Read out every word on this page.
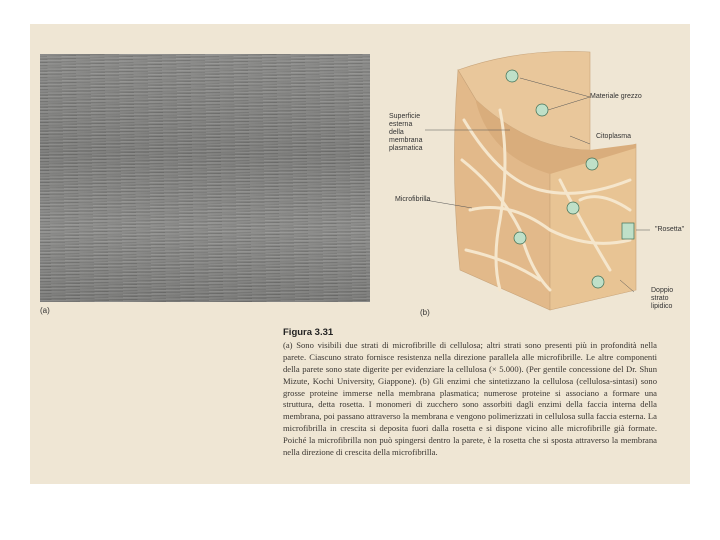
(a)
Materiale grezzo
Citoplasma
Superficie esterna della membrana plasmatica
Microfibrilla
"Rosetta"
Doppio strato lipidico
(b)
Figura 3.31
(a) Sono visibili due strati di microfibrille di cellulosa; altri strati sono presenti più in profondità nella parete. Ciascuno strato fornisce resistenza nella direzione parallela alle microfibrille. Le altre componenti della parete sono state digerite per evidenziare la cellulosa (× 5.000). (Per gentile concessione del Dr. Shun Mizute, Kochi University, Giappone). (b) Gli enzimi che sintetizzano la cellulosa (cellulosa-sintasi) sono grosse proteine immerse nella membrana plasmatica; numerose proteine si associano a formare una struttura, detta rosetta. I monomeri di zucchero sono assorbiti dagli enzimi della faccia interna della membrana, poi passano attraverso la membrana e vengono polimerizzati in cellulosa sulla faccia esterna. La microfibrilla in crescita si deposita fuori dalla rosetta e si dispone vicino alle microfibrille già formate. Poiché la microfibrilla non può spingersi dentro la parete, è la rosetta che si sposta attraverso la membrana nella direzione di crescita della microfibrilla.
